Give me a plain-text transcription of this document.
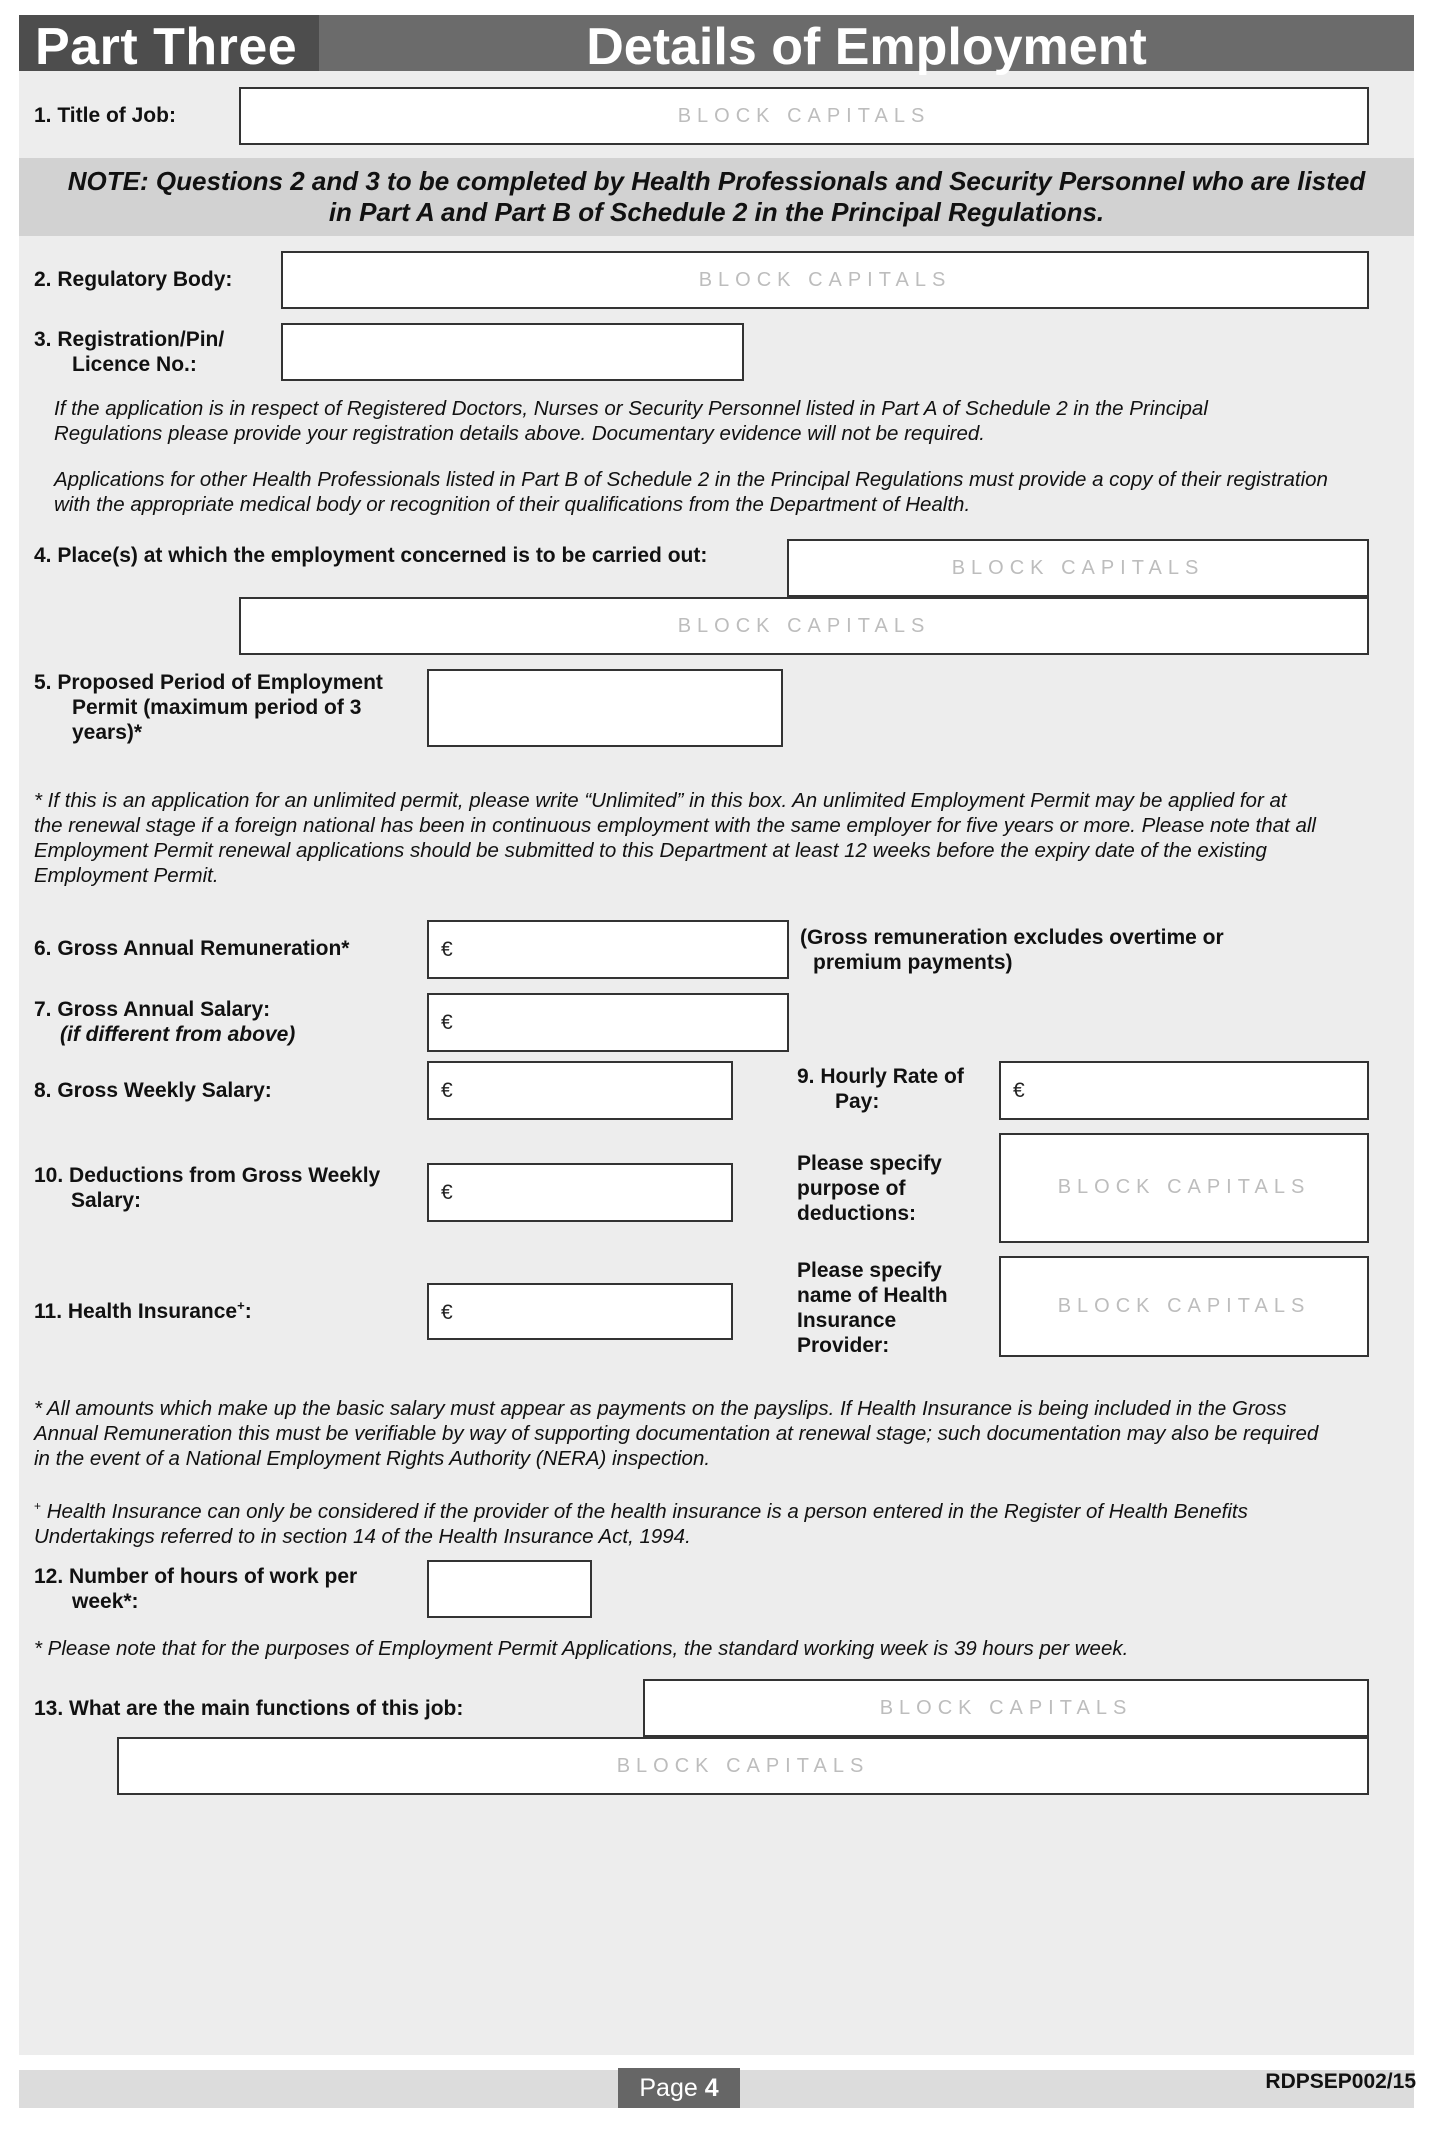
Part Three	Details of Employment
1. Title of Job:	BLOCK CAPITALS
NOTE: Questions 2 and 3 to be completed by Health Professionals and Security Personnel who are listed
in Part A and Part B of Schedule 2 in the Principal Regulations.
2. Regulatory Body:	BLOCK CAPITALS
3. Registration/Pin/
Licence No.:
If the application is in respect of Registered Doctors, Nurses or Security Personnel listed in Part A of Schedule 2 in the Principal
Regulations please provide your registration details above. Documentary evidence will not be required.
Applications for other Health Professionals listed in Part B of Schedule 2 in the Principal Regulations must provide a copy of their registration
with the appropriate medical body or recognition of their qualifications from the Department of Health.
4. Place(s) at which the employment concerned is to be carried out:
BLOCK CAPITALS
BLOCK CAPITALS
5. Proposed Period of Employment
Permit (maximum period of 3
years)*
* If this is an application for an unlimited permit, please write “Unlimited” in this box. An unlimited Employment Permit may be applied for at
the renewal stage if a foreign national has been in continuous employment with the same employer for five years or more. Please note that all
Employment Permit renewal applications should be submitted to this Department at least 12 weeks before the expiry date of the existing
Employment Permit.
6. Gross Annual Remuneration*	€
(Gross remuneration excludes overtime or
premium payments)
7. Gross Annual Salary:
(if different from above)
€
8. Gross Weekly Salary:	€
9. Hourly Rate of
Pay:	€
10. Deductions from Gross Weekly
Salary:	€
Please specify
purpose of
deductions:
BLOCK CAPITALS
11. Health Insurance+:	€
Please specify
name of Health
Insurance
Provider:
BLOCK CAPITALS
* All amounts which make up the basic salary must appear as payments on the payslips. If Health Insurance is being included in the Gross
Annual Remuneration this must be verifiable by way of supporting documentation at renewal stage; such documentation may also be required
in the event of a National Employment Rights Authority (NERA) inspection.
+ Health Insurance can only be considered if the provider of the health insurance is a person entered in the Register of Health Benefits
Undertakings referred to in section 14 of the Health Insurance Act, 1994.
12. Number of hours of work per
week*:
* Please note that for the purposes of Employment Permit Applications, the standard working week is 39 hours per week.
13. What are the main functions of this job:	BLOCK CAPITALS
BLOCK CAPITALS
Page 4	RDPSEP002/15
